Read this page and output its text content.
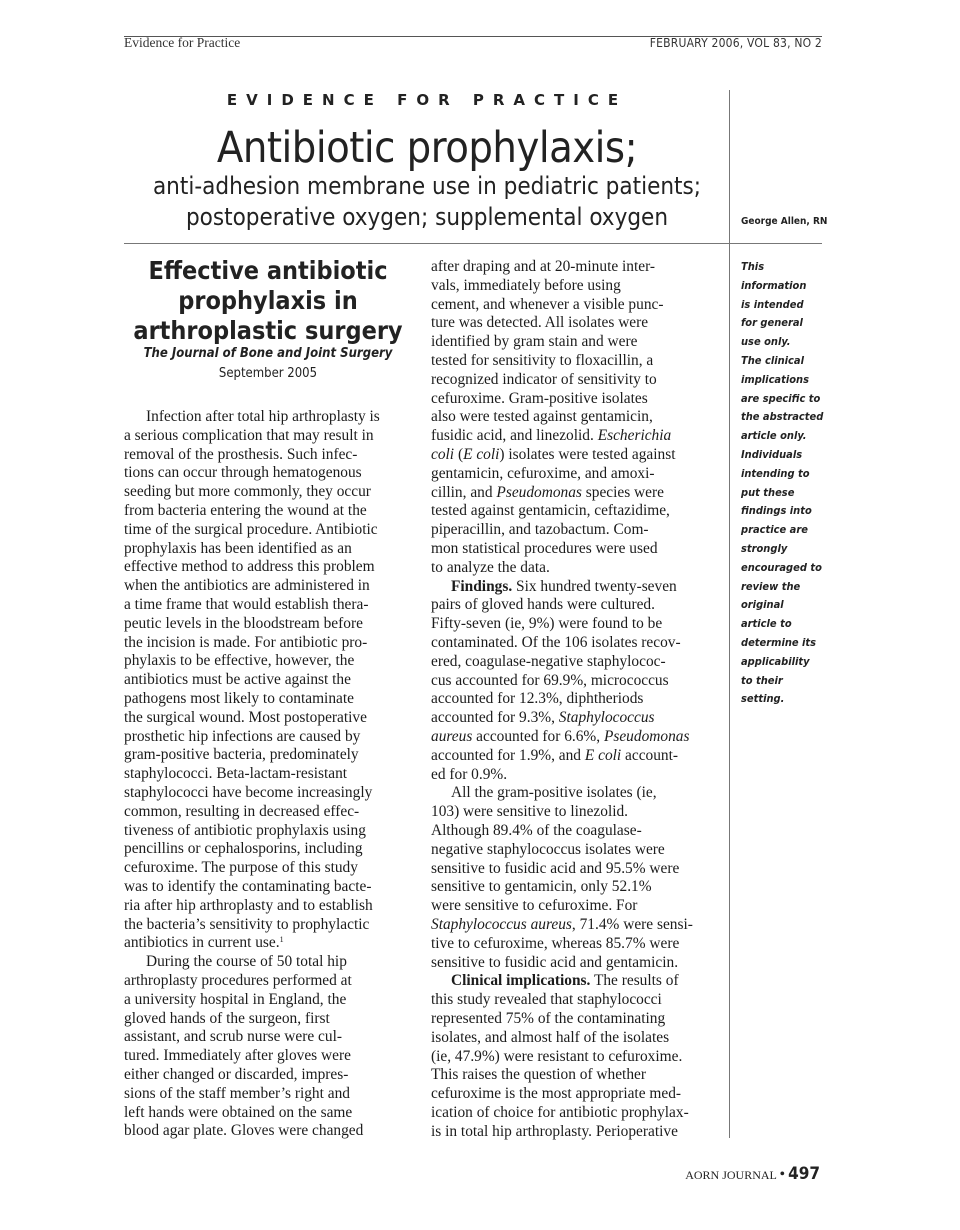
Evidence for Practice	FEBRUARY 2006, VOL 83, NO 2
EVIDENCE FOR PRACTICE
Antibiotic prophylaxis;
anti-adhesion membrane use in pediatric patients;
postoperative oxygen; supplemental oxygen	George Allen, RN
Effective antibiotic
prophylaxis in
arthroplastic surgery
The Journal of Bone and Joint Surgery
September 2005
Infection after total hip arthroplasty is
a serious complication that may result in
removal of the prosthesis. Such infec-
tions can occur through hematogenous
seeding but more commonly, they occur
from bacteria entering the wound at the
time of the surgical procedure. Antibiotic
prophylaxis has been identified as an
effective method to address this problem
when the antibiotics are administered in
a time frame that would establish thera-
peutic levels in the bloodstream before
the incision is made. For antibiotic pro-
phylaxis to be effective, however, the
antibiotics must be active against the
pathogens most likely to contaminate
the surgical wound. Most postoperative
prosthetic hip infections are caused by
gram-positive bacteria, predominately
staphylococci. Beta-lactam-resistant
staphylococci have become increasingly
common, resulting in decreased effec-
tiveness of antibiotic prophylaxis using
pencillins or cephalosporins, including
cefuroxime. The purpose of this study
was to identify the contaminating bacte-
ria after hip arthroplasty and to establish
the bacteria’s sensitivity to prophylactic
antibiotics in current use.$^1$
During the course of 50 total hip
arthroplasty procedures performed at
a university hospital in England, the
gloved hands of the surgeon, first
assistant, and scrub nurse were cul-
tured. Immediately after gloves were
either changed or discarded, impres-
sions of the staff member’s right and
left hands were obtained on the same
blood agar plate. Gloves were changed
after draping and at 20-minute inter-
vals, immediately before using
cement, and whenever a visible punc-
ture was detected. All isolates were
identified by gram stain and were
tested for sensitivity to floxacillin, a
recognized indicator of sensitivity to
cefuroxime. Gram-positive isolates
also were tested against gentamicin,
fusidic acid, and linezolid. Escherichia
coli (E coli) isolates were tested against
gentamicin, cefuroxime, and amoxi-
cillin, and Pseudomonas species were
tested against gentamicin, ceftazidime,
piperacillin, and tazobactum. Com-
mon statistical procedures were used
to analyze the data.
Findings. Six hundred twenty-seven
pairs of gloved hands were cultured.
Fifty-seven (ie, 9%) were found to be
contaminated. Of the 106 isolates recov-
ered, coagulase-negative staphylococ-
cus accounted for 69.9%, micrococcus
accounted for 12.3%, diphtheriods
accounted for 9.3%, Staphylococcus
aureus accounted for 6.6%, Pseudomonas
accounted for 1.9%, and E coli account-
ed for 0.9%.
All the gram-positive isolates (ie,
103) were sensitive to linezolid.
Although 89.4% of the coagulase-
negative staphylococcus isolates were
sensitive to fusidic acid and 95.5% were
sensitive to gentamicin, only 52.1%
were sensitive to cefuroxime. For
Staphylococcus aureus, 71.4% were sensi-
tive to cefuroxime, whereas 85.7% were
sensitive to fusidic acid and gentamicin.
Clinical implications. The results of
this study revealed that staphylococci
represented 75% of the contaminating
isolates, and almost half of the isolates
(ie, 47.9%) were resistant to cefuroxime.
This raises the question of whether
cefuroxime is the most appropriate med-
ication of choice for antibiotic prophylax-
is in total hip arthroplasty. Perioperative
This
information
is intended
for general
use only.
The clinical
implications
are specific to
the abstracted
article only.
Individuals
intending to
put these
findings into
practice are
strongly
encouraged to
review the
original
article to
determine its
applicability
to their
setting.
AORN JOURNAL • 497
